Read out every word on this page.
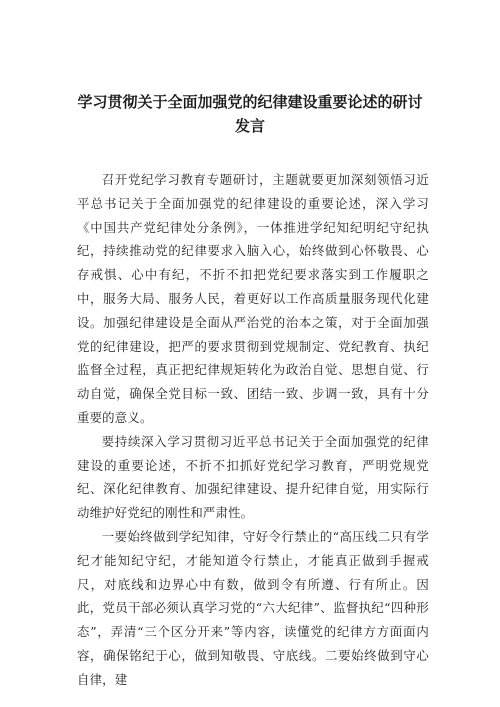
学习贯彻关于全面加强党的纪律建设重要论述的研讨
发言

召开党纪学习教育专题研讨，主题就要更加深刻领悟习近平总书记关于全面加强党的纪律建设的重要论述，深入学习《中国共产党纪律处分条例》，一体推进学纪知纪明纪守纪执纪，持续推动党的纪律要求入脑入心，始终做到心怀敬畏、心存戒惧、心中有纪，不折不扣把党纪要求落实到工作履职之中，服务大局、服务人民，着更好以工作高质量服务现代化建设。加强纪律建设是全面从严治党的治本之策，对于全面加强党的纪律建设，把严的要求贯彻到党规制定、党纪教育、执纪监督全过程，真正把纪律规矩转化为政治自觉、思想自觉、行动自觉，确保全党目标一致、团结一致、步调一致，具有十分重要的意义。

要持续深入学习贯彻习近平总书记关于全面加强党的纪律建设的重要论述，不折不扣抓好党纪学习教育，严明党规党纪、深化纪律教育、加强纪律建设、提升纪律自觉，用实际行动维护好党纪的刚性和严肃性。

一要始终做到学纪知律，守好令行禁止的“高压线二只有学纪才能知纪守纪，才能知道令行禁止，才能真正做到手握戒尺，对底线和边界心中有数，做到令有所遵、行有所止。因此，党员干部必须认真学习党的“六大纪律”、监督执纪“四种形态”，弄清“三个区分开来”等内容，读懂党的纪律方方面面内容，确保铭纪于心，做到知敬畏、守底线。二要始终做到守心自律，建
